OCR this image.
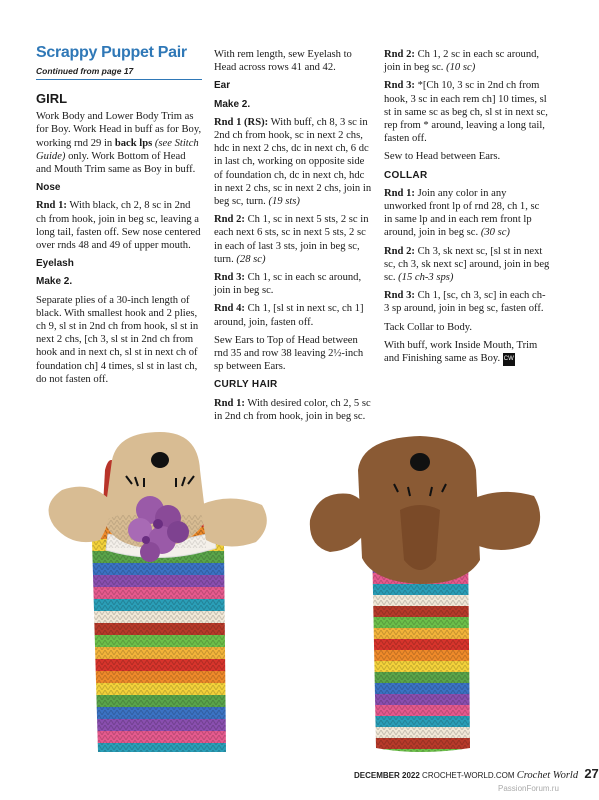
Scrappy Puppet Pair
Continued from page 17

GIRL

Work Body and Lower Body Trim as for Boy. Work Head in buff as for Boy, working rnd 29 in back lps (see Stitch Guide) only. Work Bottom of Head and Mouth Trim same as Boy in buff.

Nose

Rnd 1: With black, ch 2, 8 sc in 2nd ch from hook, join in beg sc, leaving a long tail, fasten off. Sew nose centered over rnds 48 and 49 of upper mouth.

Eyelash

Make 2.

Separate plies of a 30-inch length of black. With smallest hook and 2 plies, ch 9, sl st in 2nd ch from hook, sl st in next 2 chs, [ch 3, sl st in 2nd ch from hook and in next ch, sl st in next ch of foundation ch] 4 times, sl st in last ch, do not fasten off.

With rem length, sew Eyelash to Head across rows 41 and 42.

Ear

Make 2.

Rnd 1 (RS): With buff, ch 8, 3 sc in 2nd ch from hook, sc in next 2 chs, hdc in next 2 chs, dc in next ch, 6 dc in last ch, working on opposite side of foundation ch, dc in next ch, hdc in next 2 chs, sc in next 2 chs, join in beg sc, turn. (19 sts)

Rnd 2: Ch 1, sc in next 5 sts, 2 sc in each next 6 sts, sc in next 5 sts, 2 sc in each of last 3 sts, join in beg sc, turn. (28 sc)

Rnd 3: Ch 1, sc in each sc around, join in beg sc.

Rnd 4: Ch 1, [sl st in next sc, ch 1] around, join, fasten off.

Sew Ears to Top of Head between rnd 35 and row 38 leaving 2½-inch sp between Ears.

CURLY HAIR

Rnd 1: With desired color, ch 2, 5 sc in 2nd ch from hook, join in beg sc.

Rnd 2: Ch 1, 2 sc in each sc around, join in beg sc. (10 sc)

Rnd 3: *[Ch 10, 3 sc in 2nd ch from hook, 3 sc in each rem ch] 10 times, sl st in same sc as beg ch, sl st in next sc, rep from * around, leaving a long tail, fasten off.

Sew to Head between Ears.

COLLAR

Rnd 1: Join any color in any unworked front lp of rnd 28, ch 1, sc in same lp and in each rem front lp around, join in beg sc. (30 sc)

Rnd 2: Ch 3, sk next sc, [sl st in next sc, ch 3, sk next sc] around, join in beg sc. (15 ch-3 sps)

Rnd 3: Ch 1, [sc, ch 3, sc] in each ch-3 sp around, join in beg sc, fasten off.

Tack Collar to Body.

With buff, work Inside Mouth, Trim and Finishing same as Boy. CW

DECEMBER 2022 CROCHET-WORLD.COM Crochet World 27
PassionForum.ru
